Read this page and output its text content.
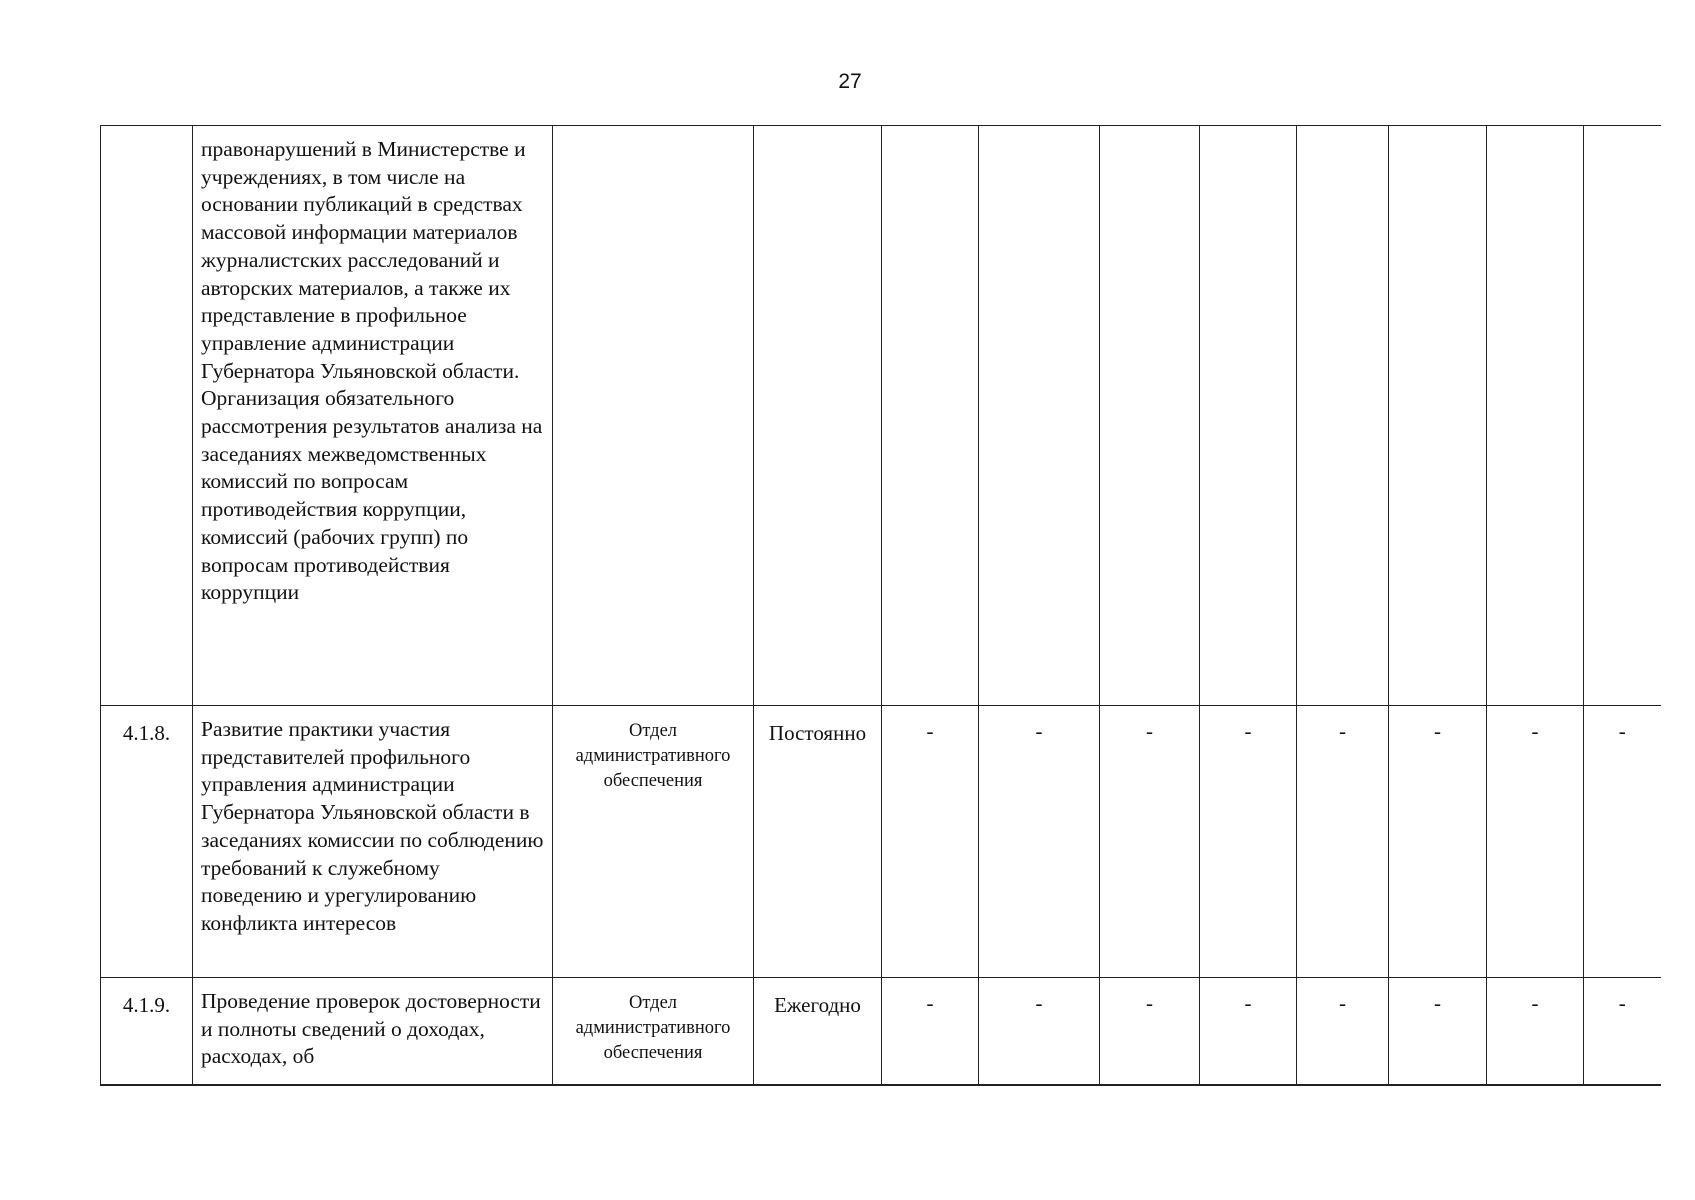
27

	правонарушений в Министерстве и учреждениях, в том числе на основании публикаций в средствах массовой информации материалов журналистских расследований и авторских материалов, а также их представление в профильное управление администрации Губернатора Ульяновской области.
Организация обязательного рассмотрения результатов анализа на заседаниях межведомственных комиссий по вопросам противодействия коррупции, комиссий (рабочих групп) по вопросам противодействия коррупции										

4.1.8.	Развитие практики участия представителей профильного управления администрации Губернатора Ульяновской области в заседаниях комиссии по соблюдению требований к служебному поведению и урегулированию конфликта интересов	Отдел административного обеспечения	Постоянно	-	-	-	-	-	-	-	-
4.1.9.	Проведение проверок достоверности и полноты сведений о доходах, расходах, об	Отдел административного обеспечения	Ежегодно	-	-	-	-	-	-	-	-
